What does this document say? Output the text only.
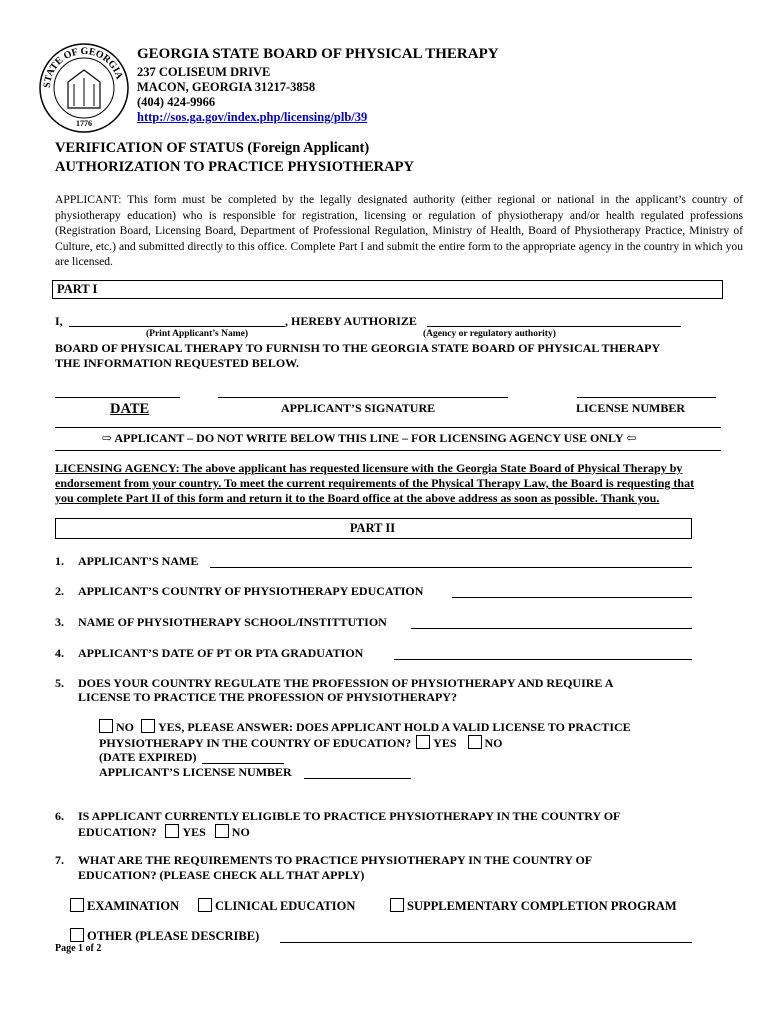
STATE OF GEORGIA
1776
GEORGIA STATE BOARD OF PHYSICAL THERAPY
237 COLISEUM DRIVE
MACON, GEORGIA 31217-3858
(404) 424-9966
http://sos.ga.gov/index.php/licensing/plb/39
VERIFICATION OF STATUS (Foreign Applicant)
AUTHORIZATION TO PRACTICE PHYSIOTHERAPY
APPLICANT: This form must be completed by the legally designated authority (either regional or national in the applicant’s country of physiotherapy education) who is responsible for registration, licensing or regulation of physiotherapy and/or health regulated professions (Registration Board, Licensing Board, Department of Professional Regulation, Ministry of Health, Board of Physiotherapy Practice, Ministry of Culture, etc.) and submitted directly to this office. Complete Part I and submit the entire form to the appropriate agency in the country in which you are licensed.
PART I
I,	, HEREBY AUTHORIZE
(Print Applicant’s Name)	(Agency or regulatory authority)
BOARD OF PHYSICAL THERAPY TO FURNISH TO THE GEORGIA STATE BOARD OF PHYSICAL THERAPY
THE INFORMATION REQUESTED BELOW.
DATE	APPLICANT’S SIGNATURE	LICENSE NUMBER
⇨ APPLICANT – DO NOT WRITE BELOW THIS LINE – FOR LICENSING AGENCY USE ONLY ⇦
LICENSING AGENCY: The above applicant has requested licensure with the Georgia State Board of Physical Therapy by
endorsement from your country. To meet the current requirements of the Physical Therapy Law, the Board is requesting that
you complete Part II of this form and return it to the Board office at the above address as soon as possible. Thank you.
PART II
1. APPLICANT’S NAME
2. APPLICANT’S COUNTRY OF PHYSIOTHERAPY EDUCATION
3. NAME OF PHYSIOTHERAPY SCHOOL/INSTITTUTION
4. APPLICANT’S DATE OF PT OR PTA GRADUATION
5. DOES YOUR COUNTRY REGULATE THE PROFESSION OF PHYSIOTHERAPY AND REQUIRE A
LICENSE TO PRACTICE THE PROFESSION OF PHYSIOTHERAPY?
NO YES, PLEASE ANSWER: DOES APPLICANT HOLD A VALID LICENSE TO PRACTICE
PHYSIOTHERAPY IN THE COUNTRY OF EDUCATION? YES NO
(DATE EXPIRED)
APPLICANT’S LICENSE NUMBER
6. IS APPLICANT CURRENTLY ELIGIBLE TO PRACTICE PHYSIOTHERAPY IN THE COUNTRY OF
EDUCATION? YES NO
7. WHAT ARE THE REQUIREMENTS TO PRACTICE PHYSIOTHERAPY IN THE COUNTRY OF
EDUCATION? (PLEASE CHECK ALL THAT APPLY)
EXAMINATION	CLINICAL EDUCATION	SUPPLEMENTARY COMPLETION PROGRAM
OTHER (PLEASE DESCRIBE)
Page 1 of 2
